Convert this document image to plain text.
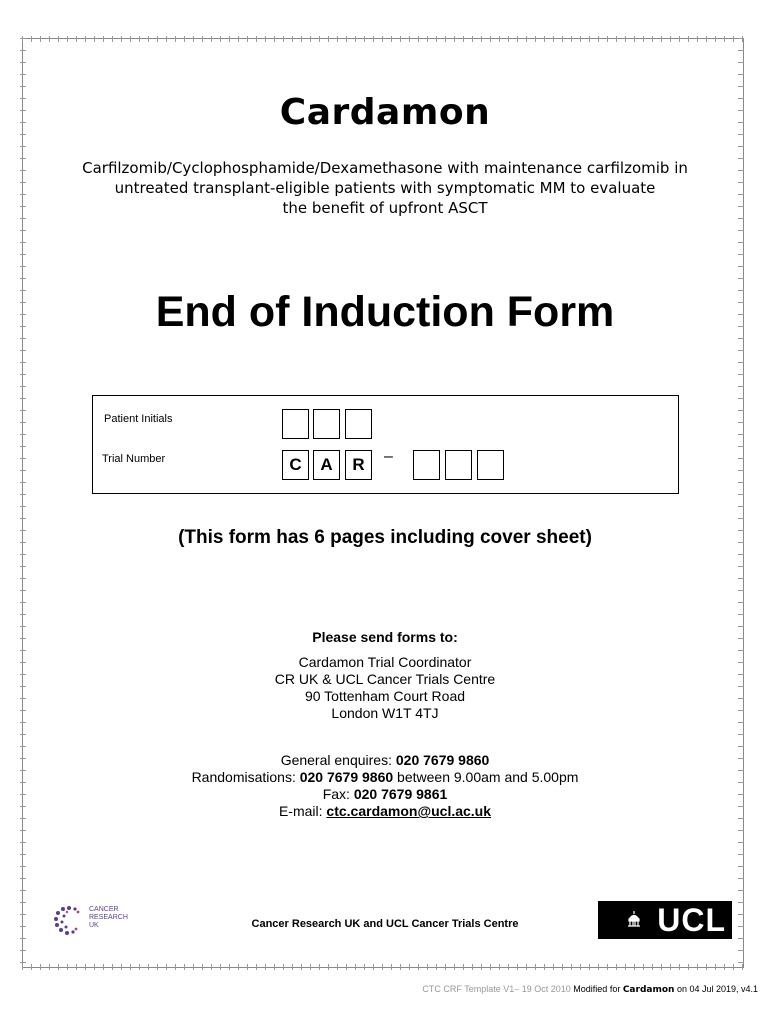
Cardamon
Carfilzomib/Cyclophosphamide/Dexamethasone with maintenance carfilzomib in
untreated transplant-eligible patients with symptomatic MM to evaluate
the benefit of upfront ASCT
End of Induction Form
Patient Initials
Trial Number	C	A	R	–
(This form has 6 pages including cover sheet)
Please send forms to:
Cardamon Trial Coordinator
CR UK & UCL Cancer Trials Centre
90 Tottenham Court Road
London W1T 4TJ
General enquires: 020 7679 9860
Randomisations: 020 7679 9860 between 9.00am and 5.00pm
Fax: 020 7679 9861
E-mail: ctc.cardamon@ucl.ac.uk
CANCER
RESEARCH
UK	Cancer Research UK and UCL Cancer Trials Centre	UCL
CTC CRF Template V1– 19 Oct 2010 Modified for Cardamon on 04 Jul 2019, v4.1
